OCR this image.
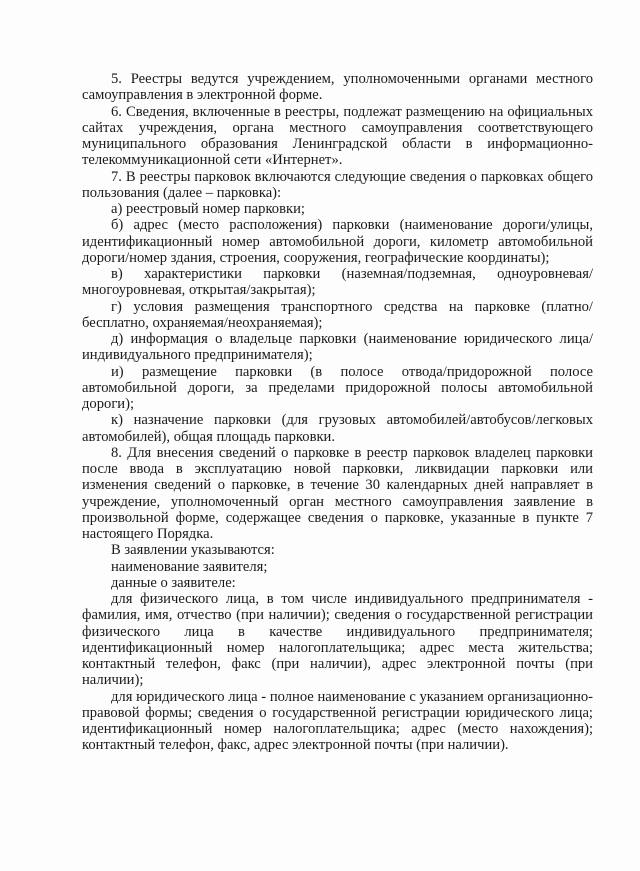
5. Реестры ведутся учреждением, уполномоченными органами местного самоуправления в электронной форме.

6. Сведения, включенные в реестры, подлежат размещению на официальных сайтах учреждения, органа местного самоуправления соответствующего муниципального образования Ленинградской области в информационно-телекоммуникационной сети «Интернет».

7. В реестры парковок включаются следующие сведения о парковках общего пользования (далее – парковка):

а) реестровый номер парковки;

б) адрес (место расположения) парковки (наименование дороги/улицы, идентификационный номер автомобильной дороги, километр автомобильной дороги/номер здания, строения, сооружения, географические координаты);

в) характеристики парковки (наземная/подземная, одноуровневая/многоуровневая, открытая/закрытая);

г) условия размещения транспортного средства на парковке (платно/бесплатно, охраняемая/неохраняемая);

д) информация о владельце парковки (наименование юридического лица/индивидуального предпринимателя);

и) размещение парковки (в полосе отвода/придорожной полосе автомобильной дороги, за пределами придорожной полосы автомобильной дороги);

к) назначение парковки (для грузовых автомобилей/автобусов/легковых автомобилей), общая площадь парковки.

8. Для внесения сведений о парковке в реестр парковок владелец парковки после ввода в эксплуатацию новой парковки, ликвидации парковки или изменения сведений о парковке, в течение 30 календарных дней направляет в учреждение, уполномоченный орган местного самоуправления заявление в произвольной форме, содержащее сведения о парковке, указанные в пункте 7 настоящего Порядка.

В заявлении указываются:

наименование заявителя;

данные о заявителе:

для физического лица, в том числе индивидуального предпринимателя - фамилия, имя, отчество (при наличии); сведения о государственной регистрации физического лица в качестве индивидуального предпринимателя; идентификационный номер налогоплательщика; адрес места жительства; контактный телефон, факс (при наличии), адрес электронной почты (при наличии);

для юридического лица - полное наименование с указанием организационно-правовой формы; сведения о государственной регистрации юридического лица; идентификационный номер налогоплательщика; адрес (место нахождения); контактный телефон, факс, адрес электронной почты (при наличии).
